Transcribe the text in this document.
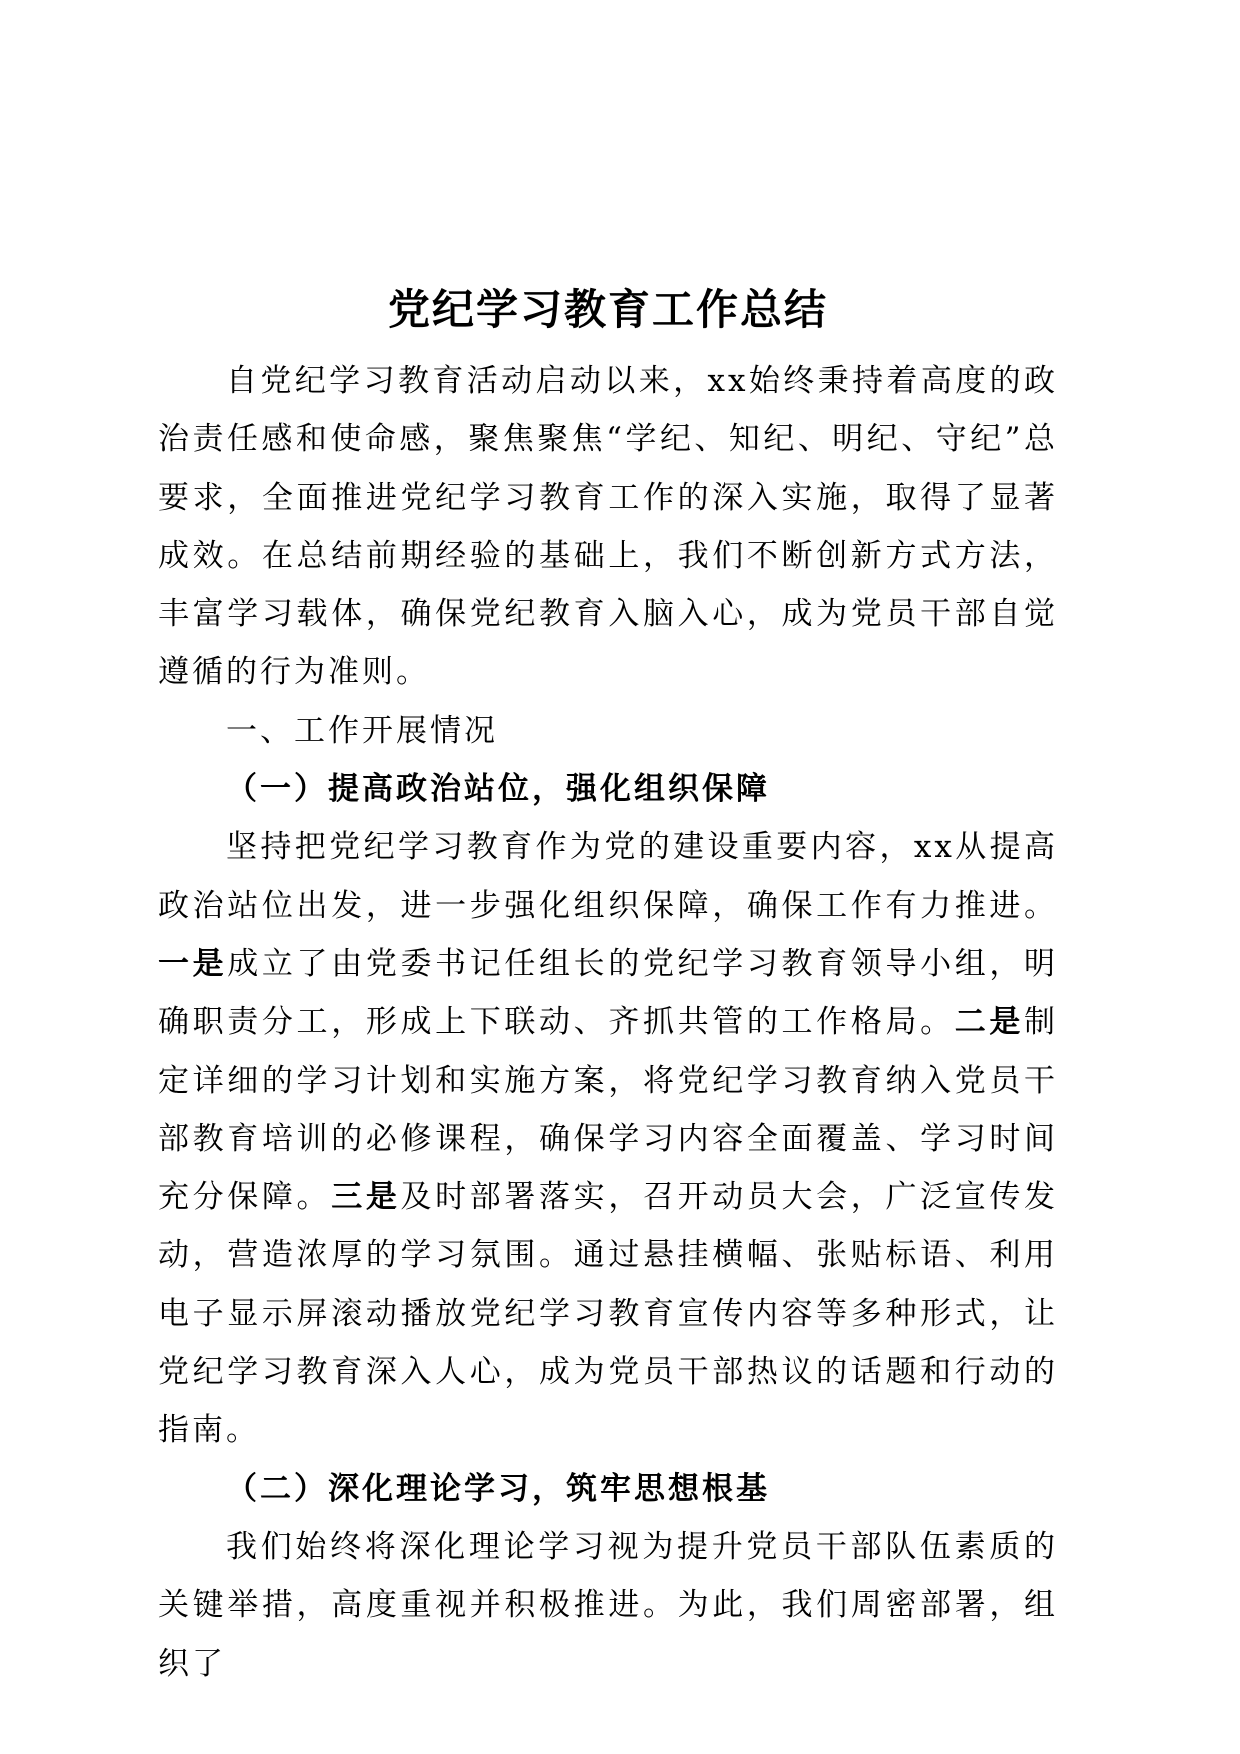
党纪学习教育工作总结

自党纪学习教育活动启动以来，xx始终秉持着高度的政治责任感和使命感，聚焦聚焦“学纪、知纪、明纪、守纪”总要求，全面推进党纪学习教育工作的深入实施，取得了显著成效。在总结前期经验的基础上，我们不断创新方式方法，丰富学习载体，确保党纪教育入脑入心，成为党员干部自觉遵循的行为准则。

一、工作开展情况

（一）提高政治站位，强化组织保障

坚持把党纪学习教育作为党的建设重要内容，xx从提高政治站位出发，进一步强化组织保障，确保工作有力推进。一是成立了由党委书记任组长的党纪学习教育领导小组，明确职责分工，形成上下联动、齐抓共管的工作格局。二是制定详细的学习计划和实施方案，将党纪学习教育纳入党员干部教育培训的必修课程，确保学习内容全面覆盖、学习时间充分保障。三是及时部署落实，召开动员大会，广泛宣传发动，营造浓厚的学习氛围。通过悬挂横幅、张贴标语、利用电子显示屏滚动播放党纪学习教育宣传内容等多种形式，让党纪学习教育深入人心，成为党员干部热议的话题和行动的指南。

（二）深化理论学习，筑牢思想根基

我们始终将深化理论学习视为提升党员干部队伍素质的关键举措，高度重视并积极推进。为此，我们周密部署，组织了
